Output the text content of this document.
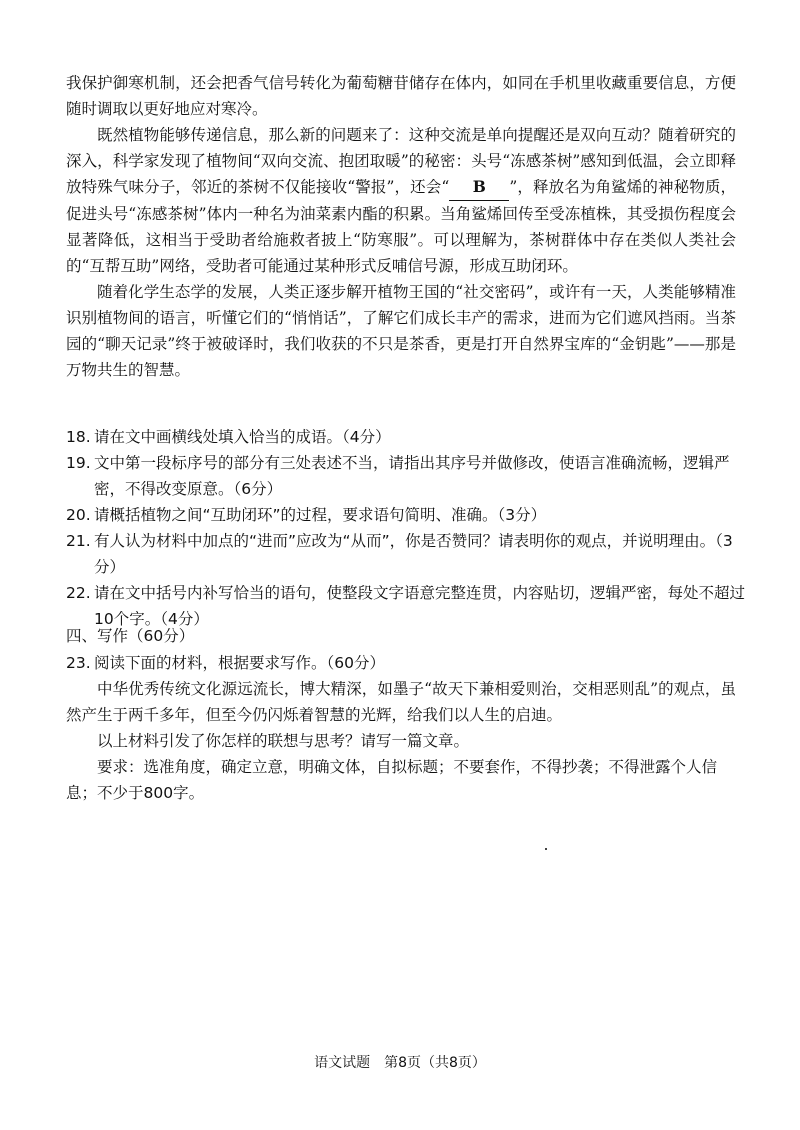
我保护御寒机制，还会把香气信号转化为葡萄糖苷储存在体内，如同在手机里收藏重要信息，方便随时调取以更好地应对寒冷。

既然植物能够传递信息，那么新的问题来了：这种交流是单向提醒还是双向互动？随着研究的深入，科学家发现了植物间“双向交流、抱团取暖”的秘密：头号“冻感茶树”感知到低温，会立即释放特殊气味分子，邻近的茶树不仅能接收“警报”，还会“ B ”，释放名为角鲨烯的神秘物质，促进头号“冻感茶树”体内一种名为油菜素内酯的积累。当角鲨烯回传至受冻植株，其受损伤程度会显著降低，这相当于受助者给施救者披上“防寒服”。可以理解为，茶树群体中存在类似人类社会的“互帮互助”网络，受助者可能通过某种形式反哺信号源，形成互助闭环。

随着化学生态学的发展，人类正逐步解开植物王国的“社交密码”，或许有一天，人类能够精准识别植物间的语言，听懂它们的“悄悄话”，了解它们成长丰产的需求，进而为它们遮风挡雨。当茶园的“聊天记录”终于被破译时，我们收获的不只是茶香，更是打开自然界宝库的“金钥匙”——那是万物共生的智慧。

18. 请在文中画横线处填入恰当的成语。（4分）
19. 文中第一段标序号的部分有三处表述不当，请指出其序号并做修改，使语言准确流畅，逻辑严密，不得改变原意。（6分）
20. 请概括植物之间“互助闭环”的过程，要求语句简明、准确。（3分）
21. 有人认为材料中加点的“进而”应改为“从而”，你是否赞同？请表明你的观点，并说明理由。（3分）
22. 请在文中括号内补写恰当的语句，使整段文字语意完整连贯，内容贴切，逻辑严密，每处不超过10个字。（4分）
四、写作（60分）
23. 阅读下面的材料，根据要求写作。（60分）

中华优秀传统文化源远流长，博大精深，如墨子“故天下兼相爱则治，交相恶则乱”的观点，虽然产生于两千多年，但至今仍闪烁着智慧的光辉，给我们以人生的启迪。

以上材料引发了你怎样的联想与思考？请写一篇文章。

要求：选准角度，确定立意，明确文体，自拟标题；不要套作，不得抄袭；不得泄露个人信息；不少于800字。

语文试题　第8页（共8页）
